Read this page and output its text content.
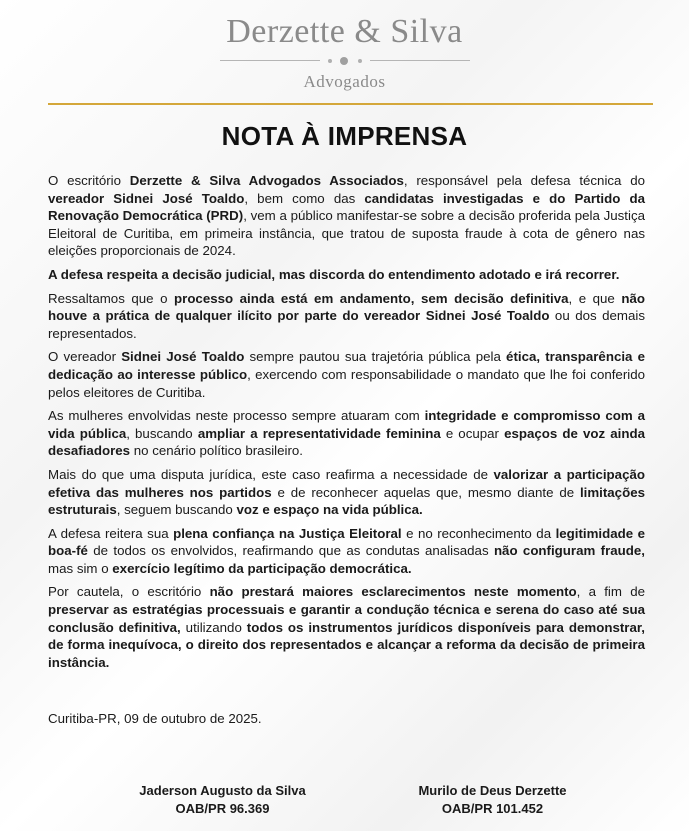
Derzette & Silva
Advogados
NOTA À IMPRENSA

O escritório Derzette & Silva Advogados Associados, responsável pela defesa técnica do vereador Sidnei José Toaldo, bem como das candidatas investigadas e do Partido da Renovação Democrática (PRD), vem a público manifestar-se sobre a decisão proferida pela Justiça Eleitoral de Curitiba, em primeira instância, que tratou de suposta fraude à cota de gênero nas eleições proporcionais de 2024.

A defesa respeita a decisão judicial, mas discorda do entendimento adotado e irá recorrer.

Ressaltamos que o processo ainda está em andamento, sem decisão definitiva, e que não houve a prática de qualquer ilícito por parte do vereador Sidnei José Toaldo ou dos demais representados.

O vereador Sidnei José Toaldo sempre pautou sua trajetória pública pela ética, transparência e dedicação ao interesse público, exercendo com responsabilidade o mandato que lhe foi conferido pelos eleitores de Curitiba.

As mulheres envolvidas neste processo sempre atuaram com integridade e compromisso com a vida pública, buscando ampliar a representatividade feminina e ocupar espaços de voz ainda desafiadores no cenário político brasileiro.

Mais do que uma disputa jurídica, este caso reafirma a necessidade de valorizar a participação efetiva das mulheres nos partidos e de reconhecer aquelas que, mesmo diante de limitações estruturais, seguem buscando voz e espaço na vida pública.

A defesa reitera sua plena confiança na Justiça Eleitoral e no reconhecimento da legitimidade e boa-fé de todos os envolvidos, reafirmando que as condutas analisadas não configuram fraude, mas sim o exercício legítimo da participação democrática.

Por cautela, o escritório não prestará maiores esclarecimentos neste momento, a fim de preservar as estratégias processuais e garantir a condução técnica e serena do caso até sua conclusão definitiva, utilizando todos os instrumentos jurídicos disponíveis para demonstrar, de forma inequívoca, o direito dos representados e alcançar a reforma da decisão de primeira instância.

Curitiba-PR, 09 de outubro de 2025.
Jaderson Augusto da Silva
OAB/PR 96.369
Murilo de Deus Derzette
OAB/PR 101.452
